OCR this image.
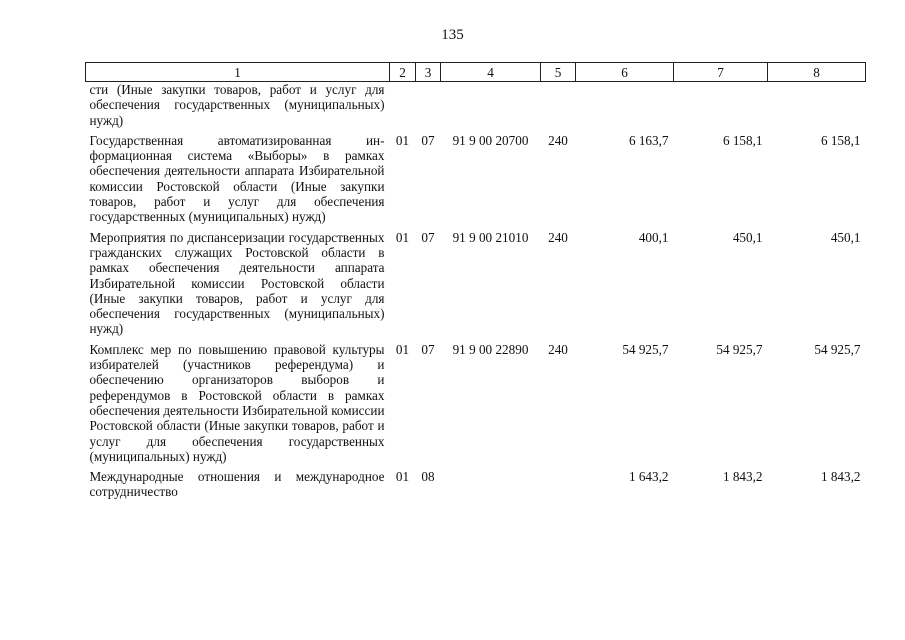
135
1	2	3	4	5	6	7	8
сти (Иные закупки товаров, работ и услуг для обеспечения государственных (муниципальных) нужд)							
Государственная автоматизированная информационная система «Выборы» в рамках обеспечения деятельности аппарата Избирательной комиссии Ростовской области (Иные закупки товаров, работ и услуг для обеспечения государственных (муниципальных) нужд)	01	07	91 9 00 20700	240	6 163,7	6 158,1	6 158,1
Мероприятия по диспансеризации государственных гражданских служащих Ростовской области в рамках обеспечения деятельности аппарата Избирательной комиссии Ростовской области (Иные закупки товаров, работ и услуг для обеспечения государственных (муниципальных) нужд)	01	07	91 9 00 21010	240	400,1	450,1	450,1
Комплекс мер по повышению правовой культуры избирателей (участников референдума) и обеспечению организаторов выборов и референдумов в Ростовской области в рамках обеспечения деятельности Избирательной комиссии Ростовской области (Иные закупки товаров, работ и услуг для обеспечения государственных (муниципальных) нужд)	01	07	91 9 00 22890	240	54 925,7	54 925,7	54 925,7
Международные отношения и международное сотрудничество	01	08			1 643,2	1 843,2	1 843,2
